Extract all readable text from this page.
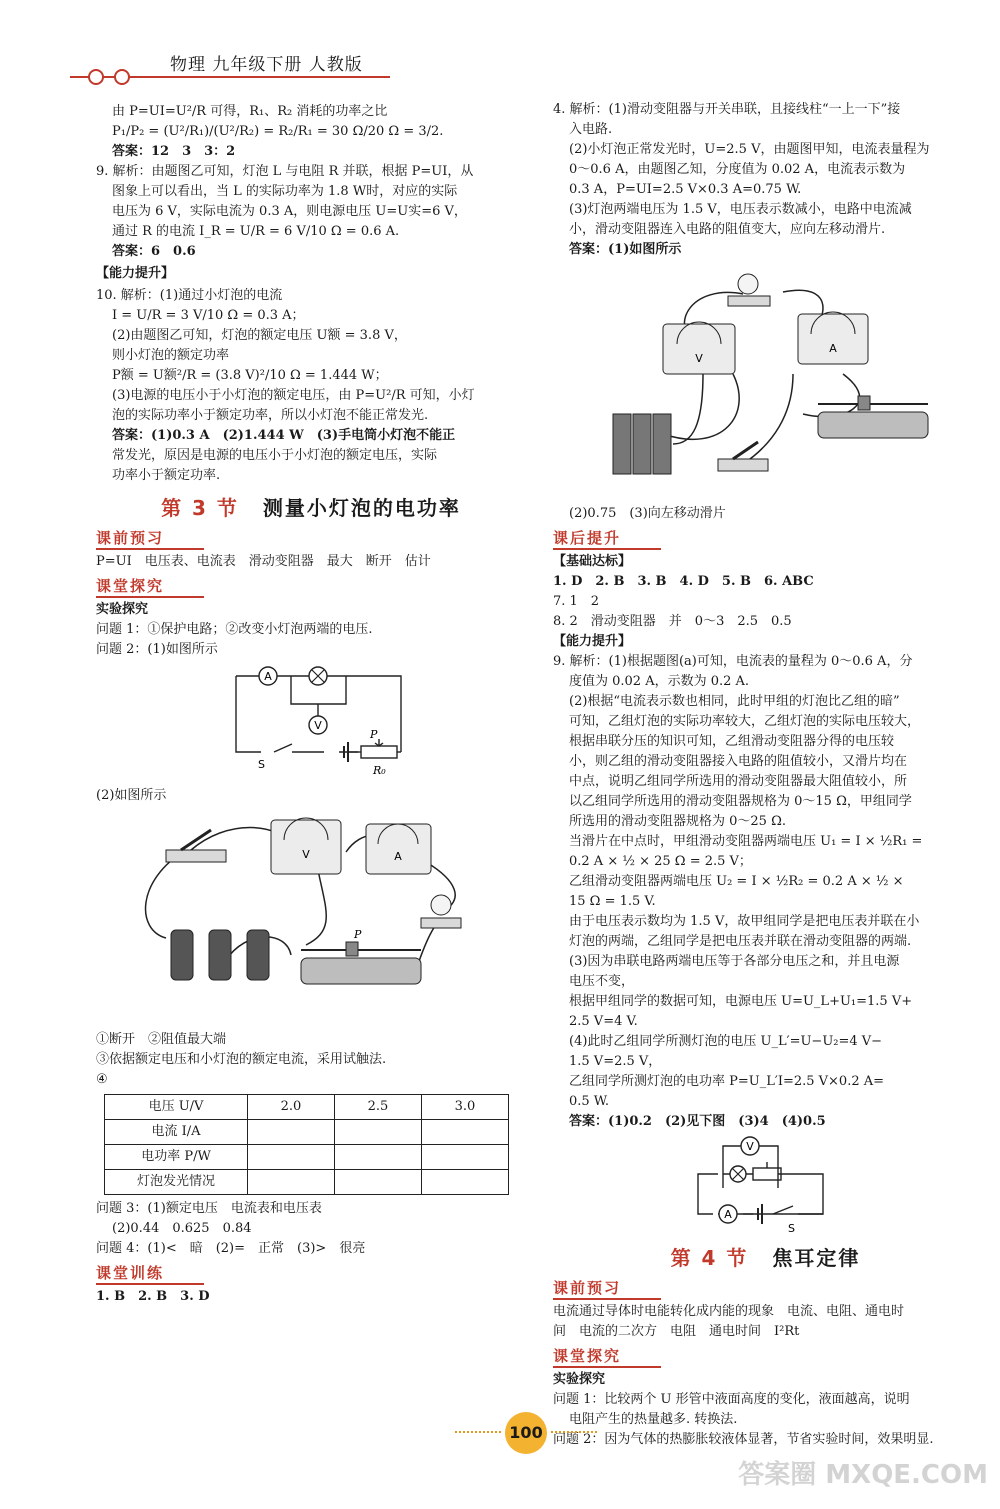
物理 九年级下册 人教版

由 P=UI=U²/R 可得，R₁、R₂ 消耗的功率之比

P₁/P₂ = (U²/R₁)/(U²/R₂) = R₂/R₁ = 30 Ω/20 Ω = 3/2.

答案：12　3　3：2

9. 解析：由题图乙可知，灯泡 L 与电阻 R 并联，根据 P=UI，从

图象上可以看出，当 L 的实际功率为 1.8 W时，对应的实际

电压为 6 V，实际电流为 0.3 A，则电源电压 U=U实=6 V，

通过 R 的电流 I_R = U/R = 6 V/10 Ω = 0.6 A.

答案：6　0.6

【能力提升】

10. 解析：(1)通过小灯泡的电流

I = U/R = 3 V/10 Ω = 0.3 A；

(2)由题图乙可知，灯泡的额定电压 U额 = 3.8 V，

则小灯泡的额定功率

P额 = U额²/R = (3.8 V)²/10 Ω = 1.444 W；

(3)电源的电压小于小灯泡的额定电压，由 P=U²/R 可知，小灯

泡的实际功率小于额定功率，所以小灯泡不能正常发光.

答案：(1)0.3 A　(2)1.444 W　(3)手电筒小灯泡不能正

常发光，原因是电源的电压小于小灯泡的额定电压，实际

功率小于额定功率.

第 3 节 测量小灯泡的电功率
课前预习

P=UI　电压表、电流表　滑动变阻器　最大　断开　估计

课堂探究

实验探究

问题 1：①保护电路；②改变小灯泡两端的电压.

问题 2：(1)如图所示

A
V
S
P
R₀

(2)如图所示

V	A
P

①断开　②阻值最大端

③依据额定电压和小灯泡的额定电流，采用试触法.

④

电压 U/V	2.0	2.5	3.0
电流 I/A			
电功率 P/W			
灯泡发光情况			

问题 3：(1)额定电压　电流表和电压表

(2)0.44　0.625　0.84

问题 4：(1)<　暗　(2)=　正常　(3)>　很亮

课堂训练

1. B　2. B　3. D

4. 解析：(1)滑动变阻器与开关串联，且接线柱“一上一下”接

入电路.

(2)小灯泡正常发光时，U=2.5 V，由题图甲知，电流表量程为

0～0.6 A，由题图乙知，分度值为 0.02 A，电流表示数为

0.3 A，P=UI=2.5 V×0.3 A=0.75 W.

(3)灯泡两端电压为 1.5 V，电压表示数减小，电路中电流减

小，滑动变阻器连入电路的阻值变大，应向左移动滑片.

答案：(1)如图所示

V
A

(2)0.75　(3)向左移动滑片

课后提升

【基础达标】

1. D　2. B　3. B　4. D　5. B　6. ABC

7. 1　2

8. 2　滑动变阻器　并　0～3　2.5　0.5

【能力提升】

9. 解析：(1)根据题图(a)可知，电流表的量程为 0～0.6 A，分

度值为 0.02 A，示数为 0.2 A.

(2)根据“电流表示数也相同，此时甲组的灯泡比乙组的暗”

可知，乙组灯泡的实际功率较大，乙组灯泡的实际电压较大，

根据串联分压的知识可知，乙组滑动变阻器分得的电压较

小，则乙组的滑动变阻器接入电路的阻值较小，又滑片均在

中点，说明乙组同学所选用的滑动变阻器最大阻值较小，所

以乙组同学所选用的滑动变阻器规格为 0～15 Ω，甲组同学

所选用的滑动变阻器规格为 0～25 Ω.

当滑片在中点时，甲组滑动变阻器两端电压 U₁ = I × ½R₁ =

0.2 A × ½ × 25 Ω = 2.5 V；

乙组滑动变阻器两端电压 U₂ = I × ½R₂ = 0.2 A × ½ ×

15 Ω = 1.5 V.

由于电压表示数均为 1.5 V，故甲组同学是把电压表并联在小

灯泡的两端，乙组同学是把电压表并联在滑动变阻器的两端.

(3)因为串联电路两端电压等于各部分电压之和，并且电源

电压不变，

根据甲组同学的数据可知，电源电压 U=U_L+U₁=1.5 V+

2.5 V=4 V.

(4)此时乙组同学所测灯泡的电压 U_L′=U−U₂=4 V−

1.5 V=2.5 V，

乙组同学所测灯泡的电功率 P=U_L′I=2.5 V×0.2 A=

0.5 W.

答案：(1)0.2　(2)见下图　(3)4　(4)0.5

V
A
S
第 4 节 焦耳定律
课前预习

电流通过导体时电能转化成内能的现象　电流、电阻、通电时

间　电流的二次方　电阻　通电时间　I²Rt

课堂探究

实验探究

问题 1：比较两个 U 形管中液面高度的变化，液面越高，说明

电阻产生的热量越多. 转换法.

问题 2：因为气体的热膨胀较液体显著，节省实验时间，效果明显.

100
答案圈 MXQE.COM
